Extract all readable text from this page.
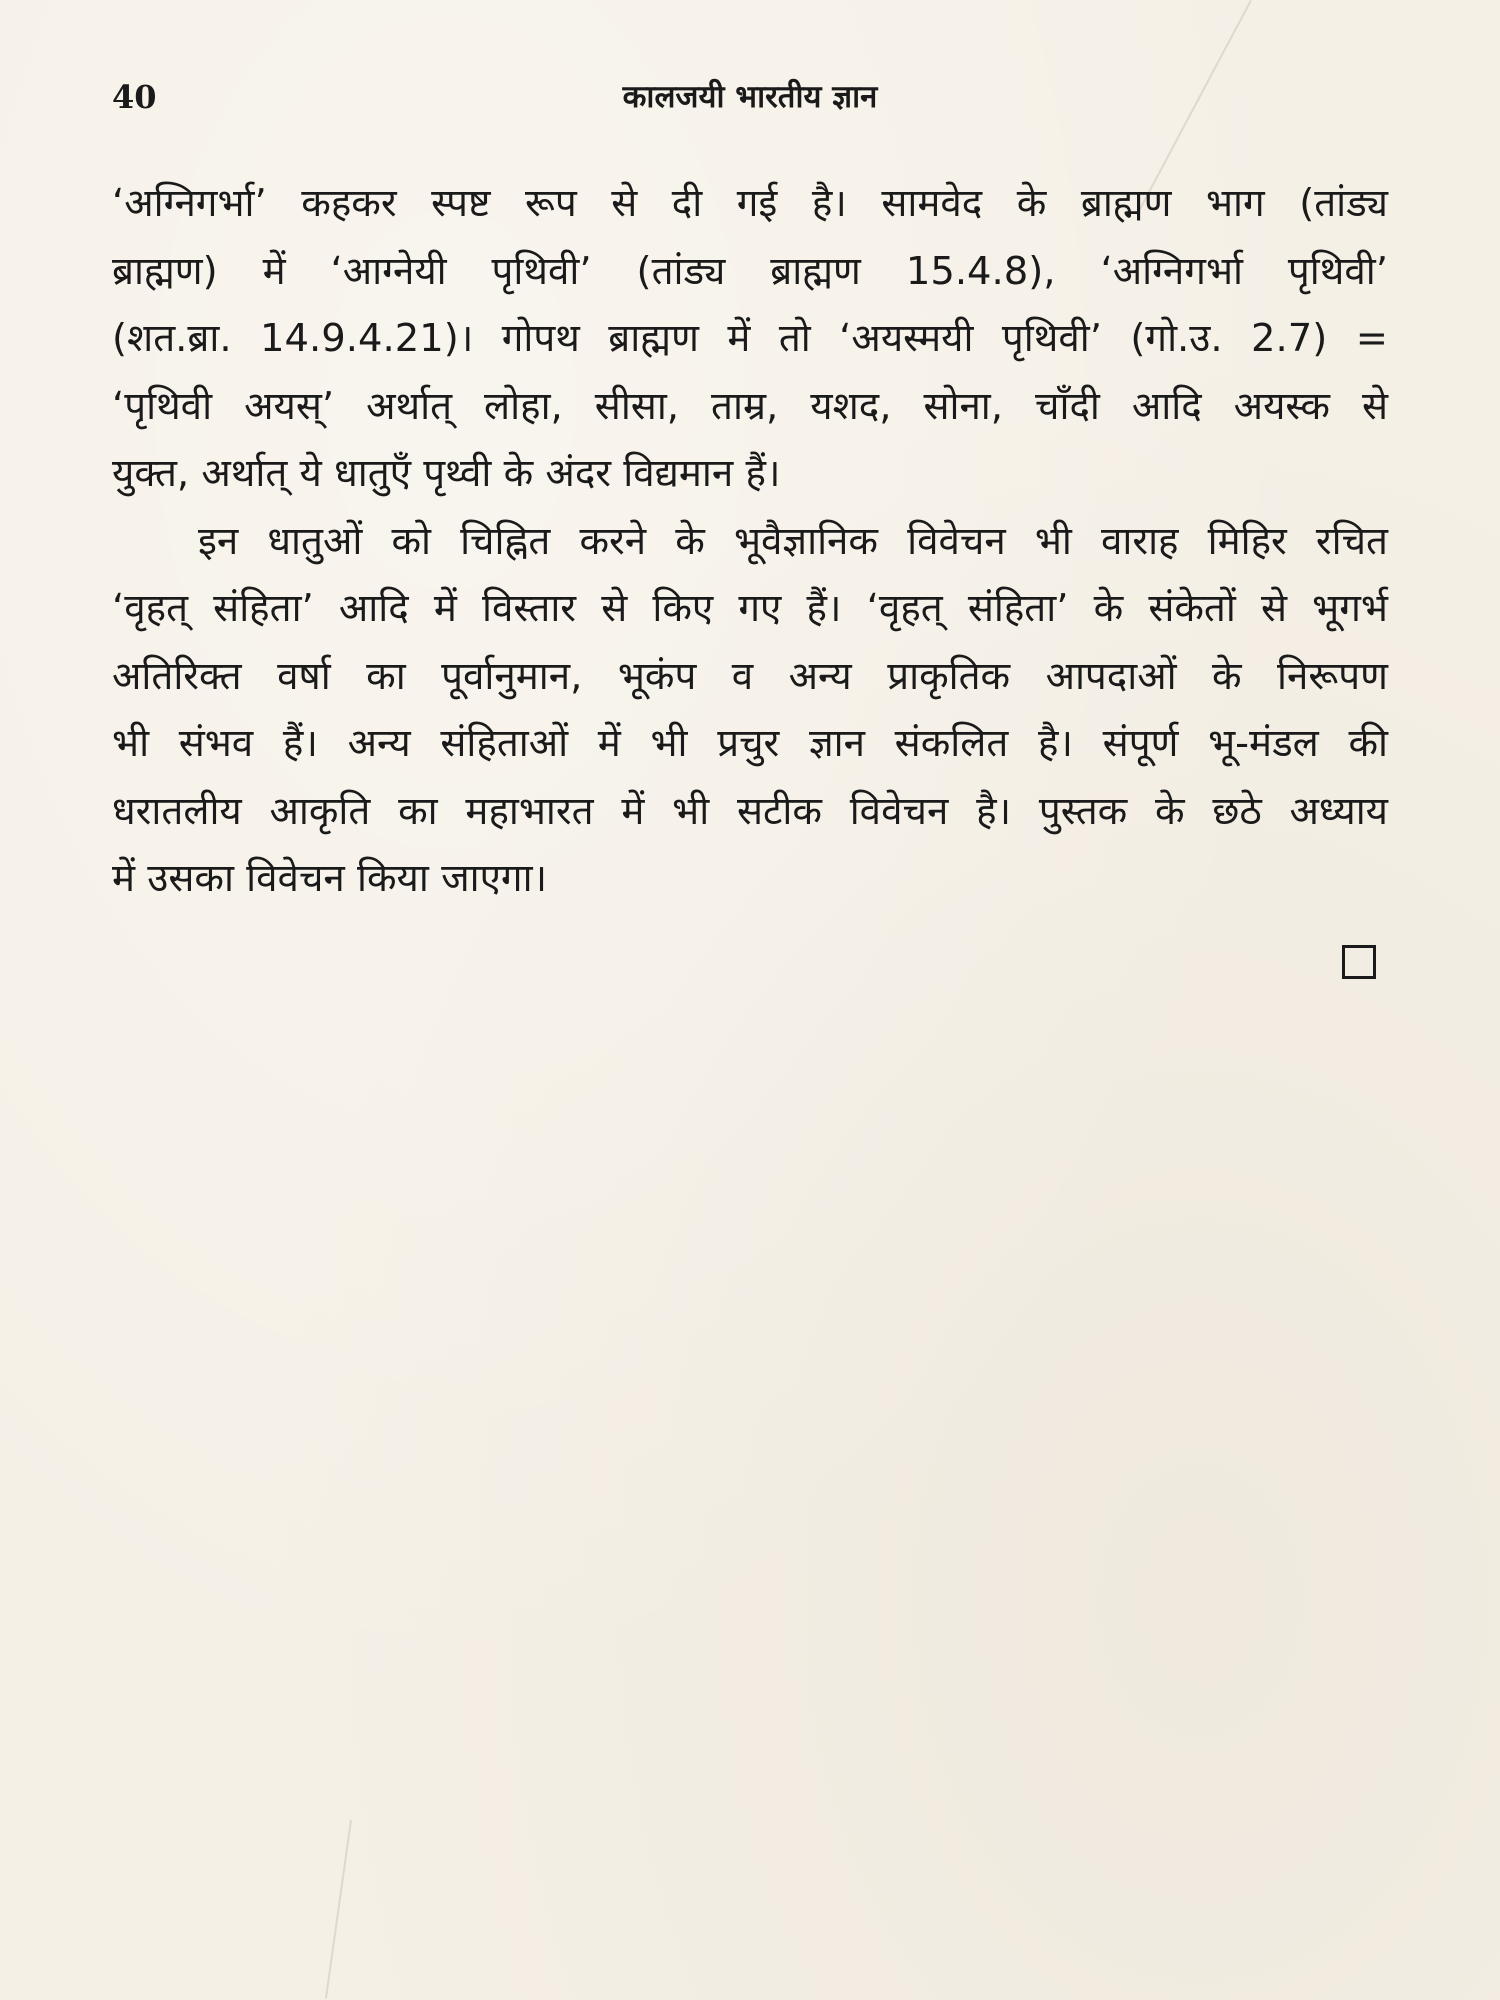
40	कालजयी भारतीय ज्ञान
‘अग्निगर्भा’ कहकर स्पष्ट रूप से दी गई है। सामवेद के ब्राह्मण भाग (तांड्य
ब्राह्मण) में ‘आग्नेयी पृथिवी’ (तांड्य ब्राह्मण 15.4.8), ‘अग्निगर्भा पृथिवी’
(शत.ब्रा. 14.9.4.21)। गोपथ ब्राह्मण में तो ‘अयस्मयी पृथिवी’ (गो.उ. 2.7) =
‘पृथिवी अयस्’ अर्थात् लोहा, सीसा, ताम्र, यशद, सोना, चाँदी आदि अयस्क से
युक्त, अर्थात् ये धातुएँ पृथ्वी के अंदर विद्यमान हैं।
इन धातुओं को चिह्नित करने के भूवैज्ञानिक विवेचन भी वाराह मिहिर रचित
‘वृहत् संहिता’ आदि में विस्तार से किए गए हैं। ‘वृहत् संहिता’ के संकेतों से भूगर्भ
अतिरिक्त वर्षा का पूर्वानुमान, भूकंप व अन्य प्राकृतिक आपदाओं के निरूपण
भी संभव हैं। अन्य संहिताओं में भी प्रचुर ज्ञान संकलित है। संपूर्ण भू-मंडल की
धरातलीय आकृति का महाभारत में भी सटीक विवेचन है। पुस्तक के छठे अध्याय
में उसका विवेचन किया जाएगा।
